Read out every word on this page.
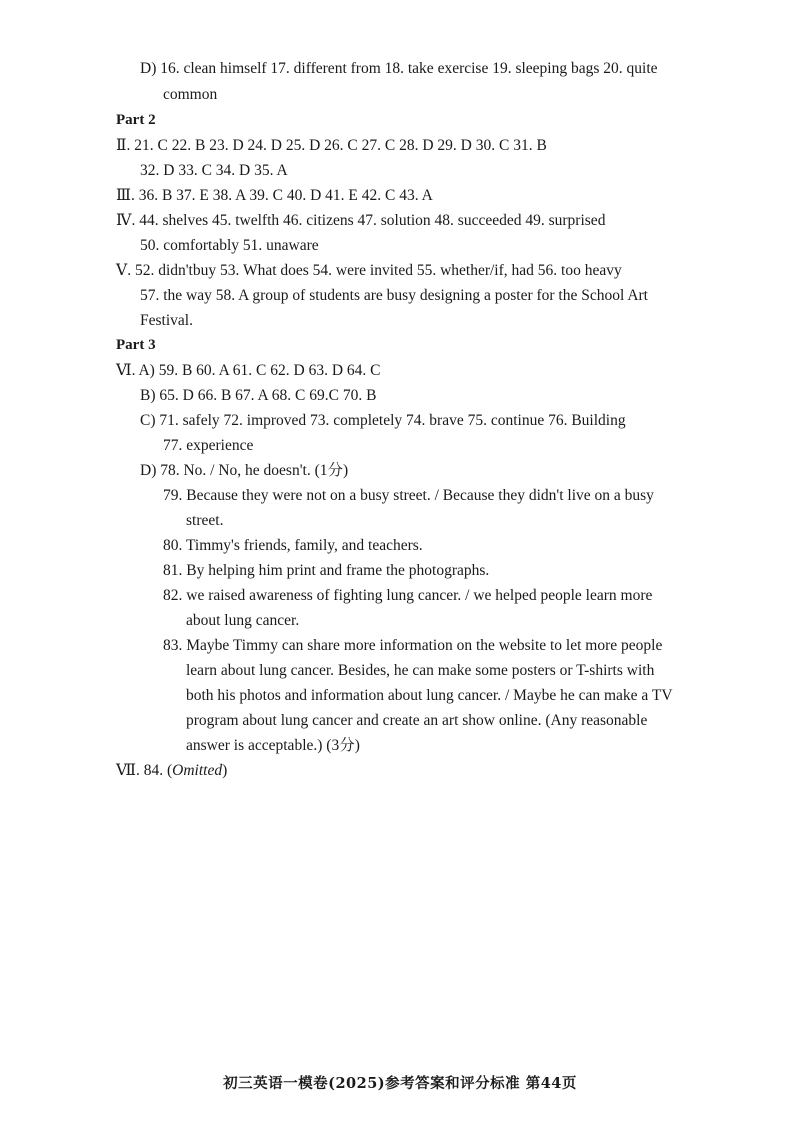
D) 16. clean himself 17. different from 18. take exercise 19. sleeping bags 20. quite
common
Part 2
Ⅱ. 21. C 22. B 23. D 24. D 25. D 26. C 27. C 28. D 29. D 30. C 31. B
32. D 33. C 34. D 35. A
Ⅲ. 36. B 37. E 38. A 39. C 40. D 41. E 42. C 43. A
Ⅳ. 44. shelves 45. twelfth 46. citizens 47. solution 48. succeeded 49. surprised
50. comfortably 51. unaware
Ⅴ. 52. didn'tbuy 53. What does 54. were invited 55. whether/if, had 56. too heavy
57. the way 58. A group of students are busy designing a poster for the School Art
Festival.
Part 3
Ⅵ. A) 59. B 60. A 61. C 62. D 63. D 64. C
B) 65. D 66. B 67. A 68. C 69.C 70. B
C) 71. safely 72. improved 73. completely 74. brave 75. continue 76. Building
77. experience
D) 78. No. / No, he doesn't. (1分)
79. Because they were not on a busy street. / Because they didn't live on a busy
street.
80. Timmy's friends, family, and teachers.
81. By helping him print and frame the photographs.
82. we raised awareness of fighting lung cancer. / we helped people learn more
about lung cancer.
83. Maybe Timmy can share more information on the website to let more people
learn about lung cancer. Besides, he can make some posters or T-shirts with
both his photos and information about lung cancer. / Maybe he can make a TV
program about lung cancer and create an art show online. (Any reasonable
answer is acceptable.) (3分)
Ⅶ. 84. (Omitted)
初三英语一模卷(2025)参考答案和评分标准 第44页
